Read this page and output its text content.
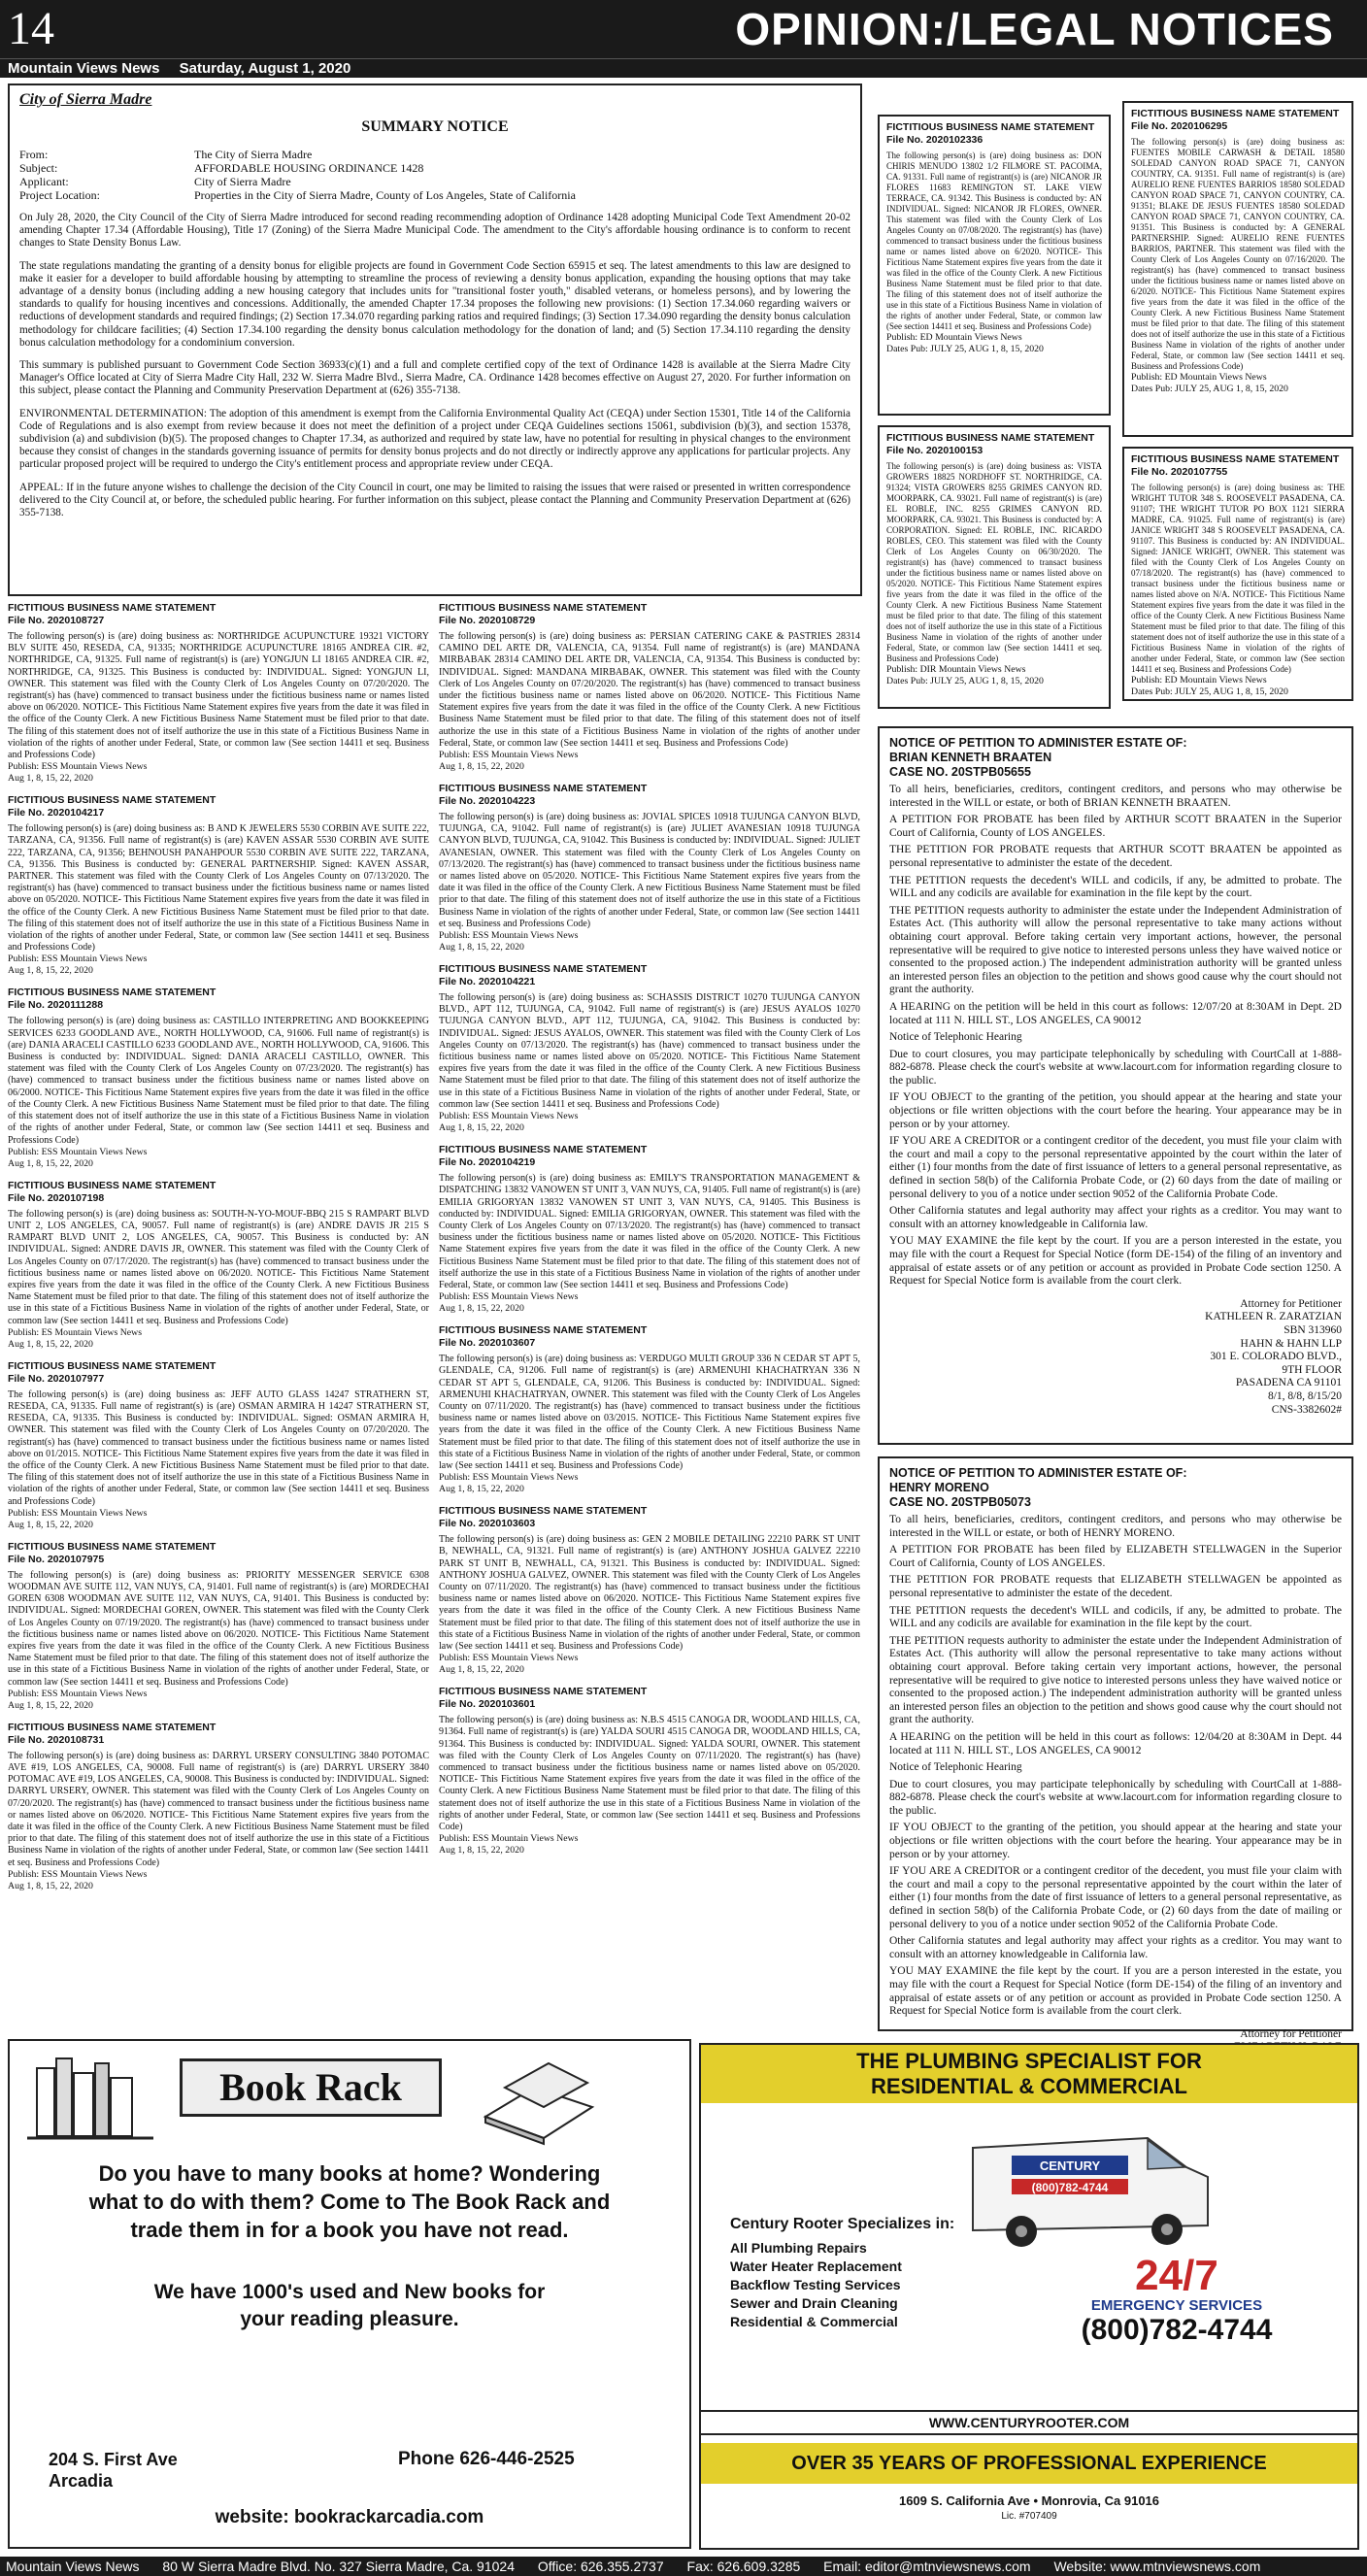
14	OPINION:/LEGAL NOTICES
Mountain Views News Saturday, August 1, 2020
City of Sierra Madre
SUMMARY NOTICE
From:	The City of Sierra Madre
Subject:	AFFORDABLE HOUSING ORDINANCE 1428
Applicant:	City of Sierra Madre
Project Location:	Properties in the City of Sierra Madre, County of Los Angeles, State of California

On July 28, 2020, the City Council of the City of Sierra Madre introduced for second reading recommending adoption of Ordinance 1428 adopting Municipal Code Text Amendment 20-02 amending Chapter 17.34 (Affordable Housing), Title 17 (Zoning) of the Sierra Madre Municipal Code. The amendment to the City's affordable housing ordinance is to conform to recent changes to State Density Bonus Law.

The state regulations mandating the granting of a density bonus for eligible projects are found in Government Code Section 65915 et seq. The latest amendments to this law are designed to make it easier for a developer to build affordable housing by attempting to streamline the process of reviewing a density bonus application, expanding the housing options that may take advantage of a density bonus (including adding a new housing category that includes units for "transitional foster youth," disabled veterans, or homeless persons), and by lowering the standards to qualify for housing incentives and concessions. Additionally, the amended Chapter 17.34 proposes the following new provisions: (1) Section 17.34.060 regarding waivers or reductions of development standards and required findings; (2) Section 17.34.070 regarding parking ratios and required findings; (3) Section 17.34.090 regarding the density bonus calculation methodology for childcare facilities; (4) Section 17.34.100 regarding the density bonus calculation methodology for the donation of land; and (5) Section 17.34.110 regarding the density bonus calculation methodology for a condominium conversion.

This summary is published pursuant to Government Code Section 36933(c)(1) and a full and complete certified copy of the text of Ordinance 1428 is available at the Sierra Madre City Manager's Office located at City of Sierra Madre City Hall, 232 W. Sierra Madre Blvd., Sierra Madre, CA. Ordinance 1428 becomes effective on August 27, 2020. For further information on this subject, please contact the Planning and Community Preservation Department at (626) 355-7138.

ENVIRONMENTAL DETERMINATION: The adoption of this amendment is exempt from the California Environmental Quality Act (CEQA) under Section 15301, Title 14 of the California Code of Regulations and is also exempt from review because it does not meet the definition of a project under CEQA Guidelines sections 15061, subdivision (b)(3), and section 15378, subdivision (a) and subdivision (b)(5). The proposed changes to Chapter 17.34, as authorized and required by state law, have no potential for resulting in physical changes to the environment because they consist of changes in the standards governing issuance of permits for density bonus projects and do not directly or indirectly approve any applications for particular projects. Any particular proposed project will be required to undergo the City's entitlement process and appropriate review under CEQA.

APPEAL: If in the future anyone wishes to challenge the decision of the City Council in court, one may be limited to raising the issues that were raised or presented in written correspondence delivered to the City Council at, or before, the scheduled public hearing. For further information on this subject, please contact the Planning and Community Preservation Department at (626) 355-7138.

FICTITIOUS BUSINESS NAME STATEMENT
File No. 2020108727
The following person(s) is (are) doing business as: NORTHRIDGE ACUPUNCTURE 19321 VICTORY BLV SUITE 450, RESEDA, CA, 91335; NORTHRIDGE ACUPUNCTURE 18165 ANDREA CIR. #2, NORTHRIDGE, CA, 91325. Full name of registrant(s) is (are) YONGJUN LI 18165 ANDREA CIR. #2, NORTHRIDGE, CA, 91325. This Business is conducted by: INDIVIDUAL. Signed: YONGJUN LI, OWNER. This statement was filed with the County Clerk of Los Angeles County on 07/20/2020. The registrant(s) has (have) commenced to transact business under the fictitious business name or names listed above on 06/2020. NOTICE- This Fictitious Name Statement expires five years from the date it was filed in the office of the County Clerk. A new Fictitious Business Name Statement must be filed prior to that date. The filing of this statement does not of itself authorize the use in this state of a Fictitious Business Name in violation of the rights of another under Federal, State, or common law (See section 14411 et seq. Business and Professions Code)
Publish: ESS Mountain Views News
Aug 1, 8, 15, 22, 2020
FICTITIOUS BUSINESS NAME STATEMENT
File No. 2020104217
The following person(s) is (are) doing business as: B AND K JEWELERS 5530 CORBIN AVE SUITE 222, TARZANA, CA, 91356. Full name of registrant(s) is (are) KAVEN ASSAR 5530 CORBIN AVE SUITE 222, TARZANA, CA, 91356; BEHNOUSH PANAHPOUR 5530 CORBIN AVE SUITE 222, TARZANA, CA, 91356. This Business is conducted by: GENERAL PARTNERSHIP. Signed: KAVEN ASSAR, PARTNER. This statement was filed with the County Clerk of Los Angeles County on 07/13/2020. The registrant(s) has (have) commenced to transact business under the fictitious business name or names listed above on 05/2020. NOTICE- This Fictitious Name Statement expires five years from the date it was filed in the office of the County Clerk. A new Fictitious Business Name Statement must be filed prior to that date. The filing of this statement does not of itself authorize the use in this state of a Fictitious Business Name in violation of the rights of another under Federal, State, or common law (See section 14411 et seq. Business and Professions Code)
Publish: ESS Mountain Views News
Aug 1, 8, 15, 22, 2020
FICTITIOUS BUSINESS NAME STATEMENT
File No. 2020111288
The following person(s) is (are) doing business as: CASTILLO INTERPRETING AND BOOKKEEPING SERVICES 6233 GOODLAND AVE., NORTH HOLLYWOOD, CA, 91606. Full name of registrant(s) is (are) DANIA ARACELI CASTILLO 6233 GOODLAND AVE., NORTH HOLLYWOOD, CA, 91606. This Business is conducted by: INDIVIDUAL. Signed: DANIA ARACELI CASTILLO, OWNER. This statement was filed with the County Clerk of Los Angeles County on 07/23/2020. The registrant(s) has (have) commenced to transact business under the fictitious business name or names listed above on 06/2000. NOTICE- This Fictitious Name Statement expires five years from the date it was filed in the office of the County Clerk. A new Fictitious Business Name Statement must be filed prior to that date. The filing of this statement does not of itself authorize the use in this state of a Fictitious Business Name in violation of the rights of another under Federal, State, or common law (See section 14411 et seq. Business and Professions Code)
Publish: ESS Mountain Views News
Aug 1, 8, 15, 22, 2020
FICTITIOUS BUSINESS NAME STATEMENT
File No. 2020107198
The following person(s) is (are) doing business as: SOUTH-N-YO-MOUF-BBQ 215 S RAMPART BLVD UNIT 2, LOS ANGELES, CA, 90057. Full name of registrant(s) is (are) ANDRE DAVIS JR 215 S RAMPART BLVD UNIT 2, LOS ANGELES, CA, 90057. This Business is conducted by: AN INDIVIDUAL. Signed: ANDRE DAVIS JR, OWNER. This statement was filed with the County Clerk of Los Angeles County on 07/17/2020. The registrant(s) has (have) commenced to transact business under the fictitious business name or names listed above on 06/2020. NOTICE- This Fictitious Name Statement expires five years from the date it was filed in the office of the County Clerk. A new Fictitious Business Name Statement must be filed prior to that date. The filing of this statement does not of itself authorize the use in this state of a Fictitious Business Name in violation of the rights of another under Federal, State, or common law (See section 14411 et seq. Business and Professions Code)
Publish: ES Mountain Views News
Aug 1, 8, 15, 22, 2020
FICTITIOUS BUSINESS NAME STATEMENT
File No. 2020107977
The following person(s) is (are) doing business as: JEFF AUTO GLASS 14247 STRATHERN ST, RESEDA, CA, 91335. Full name of registrant(s) is (are) OSMAN ARMIRA H 14247 STRATHERN ST, RESEDA, CA, 91335. This Business is conducted by: INDIVIDUAL. Signed: OSMAN ARMIRA H, OWNER. This statement was filed with the County Clerk of Los Angeles County on 07/20/2020. The registrant(s) has (have) commenced to transact business under the fictitious business name or names listed above on 01/2015. NOTICE- This Fictitious Name Statement expires five years from the date it was filed in the office of the County Clerk. A new Fictitious Business Name Statement must be filed prior to that date. The filing of this statement does not of itself authorize the use in this state of a Fictitious Business Name in violation of the rights of another under Federal, State, or common law (See section 14411 et seq. Business and Professions Code)
Publish: ESS Mountain Views News
Aug 1, 8, 15, 22, 2020
FICTITIOUS BUSINESS NAME STATEMENT
File No. 2020107975
The following person(s) is (are) doing business as: PRIORITY MESSENGER SERVICE 6308 WOODMAN AVE SUITE 112, VAN NUYS, CA, 91401. Full name of registrant(s) is (are) MORDECHAI GOREN 6308 WOODMAN AVE SUITE 112, VAN NUYS, CA, 91401. This Business is conducted by: INDIVIDUAL. Signed: MORDECHAI GOREN, OWNER. This statement was filed with the County Clerk of Los Angeles County on 07/19/2020. The registrant(s) has (have) commenced to transact business under the fictitious business name or names listed above on 06/2020. NOTICE- This Fictitious Name Statement expires five years from the date it was filed in the office of the County Clerk. A new Fictitious Business Name Statement must be filed prior to that date. The filing of this statement does not of itself authorize the use in this state of a Fictitious Business Name in violation of the rights of another under Federal, State, or common law (See section 14411 et seq. Business and Professions Code)
Publish: ESS Mountain Views News
Aug 1, 8, 15, 22, 2020
FICTITIOUS BUSINESS NAME STATEMENT
File No. 2020108731
The following person(s) is (are) doing business as: DARRYL URSERY CONSULTING 3840 POTOMAC AVE #19, LOS ANGELES, CA, 90008. Full name of registrant(s) is (are) DARRYL URSERY 3840 POTOMAC AVE #19, LOS ANGELES, CA, 90008. This Business is conducted by: INDIVIDUAL. Signed: DARRYL URSERY, OWNER. This statement was filed with the County Clerk of Los Angeles County on 07/20/2020. The registrant(s) has (have) commenced to transact business under the fictitious business name or names listed above on 06/2020. NOTICE- This Fictitious Name Statement expires five years from the date it was filed in the office of the County Clerk. A new Fictitious Business Name Statement must be filed prior to that date. The filing of this statement does not of itself authorize the use in this state of a Fictitious Business Name in violation of the rights of another under Federal, State, or common law (See section 14411 et seq. Business and Professions Code)
Publish: ESS Mountain Views News
Aug 1, 8, 15, 22, 2020
FICTITIOUS BUSINESS NAME STATEMENT
File No. 2020108729
The following person(s) is (are) doing business as: PERSIAN CATERING CAKE & PASTRIES 28314 CAMINO DEL ARTE DR, VALENCIA, CA, 91354. Full name of registrant(s) is (are) MANDANA MIRBABAK 28314 CAMINO DEL ARTE DR, VALENCIA, CA, 91354. This Business is conducted by: INDIVIDUAL. Signed: MANDANA MIRBABAK, OWNER. This statement was filed with the County Clerk of Los Angeles County on 07/20/2020. The registrant(s) has (have) commenced to transact business under the fictitious business name or names listed above on 06/2020. NOTICE- This Fictitious Name Statement expires five years from the date it was filed in the office of the County Clerk. A new Fictitious Business Name Statement must be filed prior to that date. The filing of this statement does not of itself authorize the use in this state of a Fictitious Business Name in violation of the rights of another under Federal, State, or common law (See section 14411 et seq. Business and Professions Code)
Publish: ESS Mountain Views News
Aug 1, 8, 15, 22, 2020
FICTITIOUS BUSINESS NAME STATEMENT
File No. 2020104223
The following person(s) is (are) doing business as: JOVIAL SPICES 10918 TUJUNGA CANYON BLVD, TUJUNGA, CA, 91042. Full name of registrant(s) is (are) JULIET AVANESIAN 10918 TUJUNGA CANYON BLVD, TUJUNGA, CA, 91042. This Business is conducted by: INDIVIDUAL. Signed: JULIET AVANESIAN, OWNER. This statement was filed with the County Clerk of Los Angeles County on 07/13/2020. The registrant(s) has (have) commenced to transact business under the fictitious business name or names listed above on 05/2020. NOTICE- This Fictitious Name Statement expires five years from the date it was filed in the office of the County Clerk. A new Fictitious Business Name Statement must be filed prior to that date. The filing of this statement does not of itself authorize the use in this state of a Fictitious Business Name in violation of the rights of another under Federal, State, or common law (See section 14411 et seq. Business and Professions Code)
Publish: ESS Mountain Views News
Aug 1, 8, 15, 22, 2020
FICTITIOUS BUSINESS NAME STATEMENT
File No. 2020104221
The following person(s) is (are) doing business as: SCHASSIS DISTRICT 10270 TUJUNGA CANYON BLVD., APT 112, TUJUNGA, CA, 91042. Full name of registrant(s) is (are) JESUS AYALOS 10270 TUJUNGA CANYON BLVD., APT 112, TUJUNGA, CA, 91042. This Business is conducted by: INDIVIDUAL. Signed: JESUS AYALOS, OWNER. This statement was filed with the County Clerk of Los Angeles County on 07/13/2020. The registrant(s) has (have) commenced to transact business under the fictitious business name or names listed above on 05/2020. NOTICE- This Fictitious Name Statement expires five years from the date it was filed in the office of the County Clerk. A new Fictitious Business Name Statement must be filed prior to that date. The filing of this statement does not of itself authorize the use in this state of a Fictitious Business Name in violation of the rights of another under Federal, State, or common law (See section 14411 et seq. Business and Professions Code)
Publish: ESS Mountain Views News
Aug 1, 8, 15, 22, 2020
FICTITIOUS BUSINESS NAME STATEMENT
File No. 2020104219
The following person(s) is (are) doing business as: EMILY'S TRANSPORTATION MANAGEMENT & DISPATCHING 13832 VANOWEN ST UNIT 3, VAN NUYS, CA, 91405. Full name of registrant(s) is (are) EMILIA GRIGORYAN 13832 VANOWEN ST UNIT 3, VAN NUYS, CA, 91405. This Business is conducted by: INDIVIDUAL. Signed: EMILIA GRIGORYAN, OWNER. This statement was filed with the County Clerk of Los Angeles County on 07/13/2020. The registrant(s) has (have) commenced to transact business under the fictitious business name or names listed above on 05/2020. NOTICE- This Fictitious Name Statement expires five years from the date it was filed in the office of the County Clerk. A new Fictitious Business Name Statement must be filed prior to that date. The filing of this statement does not of itself authorize the use in this state of a Fictitious Business Name in violation of the rights of another under Federal, State, or common law (See section 14411 et seq. Business and Professions Code)
Publish: ESS Mountain Views News
Aug 1, 8, 15, 22, 2020
FICTITIOUS BUSINESS NAME STATEMENT
File No. 2020103607
The following person(s) is (are) doing business as: VERDUGO MULTI GROUP 336 N CEDAR ST APT 5, GLENDALE, CA, 91206. Full name of registrant(s) is (are) ARMENUHI KHACHATRYAN 336 N CEDAR ST APT 5, GLENDALE, CA, 91206. This Business is conducted by: INDIVIDUAL. Signed: ARMENUHI KHACHATRYAN, OWNER. This statement was filed with the County Clerk of Los Angeles County on 07/11/2020. The registrant(s) has (have) commenced to transact business under the fictitious business name or names listed above on 03/2015. NOTICE- This Fictitious Name Statement expires five years from the date it was filed in the office of the County Clerk. A new Fictitious Business Name Statement must be filed prior to that date. The filing of this statement does not of itself authorize the use in this state of a Fictitious Business Name in violation of the rights of another under Federal, State, or common law (See section 14411 et seq. Business and Professions Code)
Publish: ESS Mountain Views News
Aug 1, 8, 15, 22, 2020
FICTITIOUS BUSINESS NAME STATEMENT
File No. 2020103603
The following person(s) is (are) doing business as: GEN 2 MOBILE DETAILING 22210 PARK ST UNIT B, NEWHALL, CA, 91321. Full name of registrant(s) is (are) ANTHONY JOSHUA GALVEZ 22210 PARK ST UNIT B, NEWHALL, CA, 91321. This Business is conducted by: INDIVIDUAL. Signed: ANTHONY JOSHUA GALVEZ, OWNER. This statement was filed with the County Clerk of Los Angeles County on 07/11/2020. The registrant(s) has (have) commenced to transact business under the fictitious business name or names listed above on 06/2020. NOTICE- This Fictitious Name Statement expires five years from the date it was filed in the office of the County Clerk. A new Fictitious Business Name Statement must be filed prior to that date. The filing of this statement does not of itself authorize the use in this state of a Fictitious Business Name in violation of the rights of another under Federal, State, or common law (See section 14411 et seq. Business and Professions Code)
Publish: ESS Mountain Views News
Aug 1, 8, 15, 22, 2020
FICTITIOUS BUSINESS NAME STATEMENT
File No. 2020103601
The following person(s) is (are) doing business as: N.B.S 4515 CANOGA DR, WOODLAND HILLS, CA, 91364. Full name of registrant(s) is (are) YALDA SOURI 4515 CANOGA DR, WOODLAND HILLS, CA, 91364. This Business is conducted by: INDIVIDUAL. Signed: YALDA SOURI, OWNER. This statement was filed with the County Clerk of Los Angeles County on 07/11/2020. The registrant(s) has (have) commenced to transact business under the fictitious business name or names listed above on 05/2020. NOTICE- This Fictitious Name Statement expires five years from the date it was filed in the office of the County Clerk. A new Fictitious Business Name Statement must be filed prior to that date. The filing of this statement does not of itself authorize the use in this state of a Fictitious Business Name in violation of the rights of another under Federal, State, or common law (See section 14411 et seq. Business and Professions Code)
Publish: ESS Mountain Views News
Aug 1, 8, 15, 22, 2020
FICTITIOUS BUSINESS NAME STATEMENT
File No. 2020102336
The following person(s) is (are) doing business as: DON CHIRIS MENUDO 13802 1/2 FILMORE ST. PACOIMA, CA. 91331. Full name of registrant(s) is (are) NICANOR JR FLORES 11683 REMINGTON ST. LAKE VIEW TERRACE, CA. 91342. This Business is conducted by: AN INDIVIDUAL. Signed: NICANOR JR FLORES, OWNER. This statement was filed with the County Clerk of Los Angeles County on 07/08/2020. The registrant(s) has (have) commenced to transact business under the fictitious business name or names listed above on 6/2020. NOTICE- This Fictitious Name Statement expires five years from the date it was filed in the office of the County Clerk. A new Fictitious Business Name Statement must be filed prior to that date. The filing of this statement does not of itself authorize the use in this state of a Fictitious Business Name in violation of the rights of another under Federal, State, or common law (See section 14411 et seq. Business and Professions Code)
Publish: ED Mountain Views News
Dates Pub: JULY 25, AUG 1, 8, 15, 2020
FICTITIOUS BUSINESS NAME STATEMENT
File No. 2020106295
The following person(s) is (are) doing business as: FUENTES MOBILE CARWASH & DETAIL 18580 SOLEDAD CANYON ROAD SPACE 71, CANYON COUNTRY, CA. 91351. Full name of registrant(s) is (are) AURELIO RENE FUENTES BARRIOS 18580 SOLEDAD CANYON ROAD SPACE 71, CANYON COUNTRY, CA. 91351; BLAKE DE JESUS FUENTES 18580 SOLEDAD CANYON ROAD SPACE 71, CANYON COUNTRY, CA. 91351. This Business is conducted by: A GENERAL PARTNERSHIP. Signed: AURELIO RENE FUENTES BARRIOS, PARTNER. This statement was filed with the County Clerk of Los Angeles County on 07/16/2020. The registrant(s) has (have) commenced to transact business under the fictitious business name or names listed above on 6/2020. NOTICE- This Fictitious Name Statement expires five years from the date it was filed in the office of the County Clerk. A new Fictitious Business Name Statement must be filed prior to that date. The filing of this statement does not of itself authorize the use in this state of a Fictitious Business Name in violation of the rights of another under Federal, State, or common law (See section 14411 et seq. Business and Professions Code)
Publish: ED Mountain Views News
Dates Pub: JULY 25, AUG 1, 8, 15, 2020
FICTITIOUS BUSINESS NAME STATEMENT
File No. 2020100153
The following person(s) is (are) doing business as: VISTA GROWERS 18825 NORDHOFF ST. NORTHRIDGE, CA. 91324; VISTA GROWERS 8255 GRIMES CANYON RD. MOORPARK, CA. 93021. Full name of registrant(s) is (are) EL ROBLE, INC. 8255 GRIMES CANYON RD. MOORPARK, CA. 93021. This Business is conducted by: A CORPORATION. Signed: EL ROBLE, INC. RICARDO ROBLES, CEO. This statement was filed with the County Clerk of Los Angeles County on 06/30/2020. The registrant(s) has (have) commenced to transact business under the fictitious business name or names listed above on 05/2020. NOTICE- This Fictitious Name Statement expires five years from the date it was filed in the office of the County Clerk. A new Fictitious Business Name Statement must be filed prior to that date. The filing of this statement does not of itself authorize the use in this state of a Fictitious Business Name in violation of the rights of another under Federal, State, or common law (See section 14411 et seq. Business and Professions Code)
Publish: DIR Mountain Views News
Dates Pub: JULY 25, AUG 1, 8, 15, 2020
FICTITIOUS BUSINESS NAME STATEMENT
File No. 2020107755
The following person(s) is (are) doing business as: THE WRIGHT TUTOR 348 S. ROOSEVELT PASADENA, CA. 91107; THE WRIGHT TUTOR PO BOX 1121 SIERRA MADRE, CA. 91025. Full name of registrant(s) is (are) JANICE WRIGHT 348 S ROOSEVELT PASADENA, CA. 91107. This Business is conducted by: AN INDIVIDUAL. Signed: JANICE WRIGHT, OWNER. This statement was filed with the County Clerk of Los Angeles County on 07/18/2020. The registrant(s) has (have) commenced to transact business under the fictitious business name or names listed above on N/A. NOTICE- This Fictitious Name Statement expires five years from the date it was filed in the office of the County Clerk. A new Fictitious Business Name Statement must be filed prior to that date. The filing of this statement does not of itself authorize the use in this state of a Fictitious Business Name in violation of the rights of another under Federal, State, or common law (See section 14411 et seq. Business and Professions Code)
Publish: ED Mountain Views News
Dates Pub: JULY 25, AUG 1, 8, 15, 2020
NOTICE OF PETITION TO ADMINISTER ESTATE OF:
BRIAN KENNETH BRAATEN
CASE NO. 20STPB05655

To all heirs, beneficiaries, creditors, contingent creditors, and persons who may otherwise be interested in the WILL or estate, or both of BRIAN KENNETH BRAATEN.

A PETITION FOR PROBATE has been filed by ARTHUR SCOTT BRAATEN in the Superior Court of California, County of LOS ANGELES.

THE PETITION FOR PROBATE requests that ARTHUR SCOTT BRAATEN be appointed as personal representative to administer the estate of the decedent.

THE PETITION requests the decedent's WILL and codicils, if any, be admitted to probate. The WILL and any codicils are available for examination in the file kept by the court.

THE PETITION requests authority to administer the estate under the Independent Administration of Estates Act. (This authority will allow the personal representative to take many actions without obtaining court approval. Before taking certain very important actions, however, the personal representative will be required to give notice to interested persons unless they have waived notice or consented to the proposed action.) The independent administration authority will be granted unless an interested person files an objection to the petition and shows good cause why the court should not grant the authority.

A HEARING on the petition will be held in this court as follows: 12/07/20 at 8:30AM in Dept. 2D located at 111 N. HILL ST., LOS ANGELES, CA 90012

Notice of Telephonic Hearing

Due to court closures, you may participate telephonically by scheduling with CourtCall at 1-888-882-6878. Please check the court's website at www.lacourt.com for information regarding closure to the public.

IF YOU OBJECT to the granting of the petition, you should appear at the hearing and state your objections or file written objections with the court before the hearing. Your appearance may be in person or by your attorney.

IF YOU ARE A CREDITOR or a contingent creditor of the decedent, you must file your claim with the court and mail a copy to the personal representative appointed by the court within the later of either (1) four months from the date of first issuance of letters to a general personal representative, as defined in section 58(b) of the California Probate Code, or (2) 60 days from the date of mailing or personal delivery to you of a notice under section 9052 of the California Probate Code.

Other California statutes and legal authority may affect your rights as a creditor. You may want to consult with an attorney knowledgeable in California law.

YOU MAY EXAMINE the file kept by the court. If you are a person interested in the estate, you may file with the court a Request for Special Notice (form DE-154) of the filing of an inventory and appraisal of estate assets or of any petition or account as provided in Probate Code section 1250. A Request for Special Notice form is available from the court clerk.

Attorney for Petitioner
KATHLEEN R. ZARATZIAN
SBN 313960
HAHN & HAHN LLP
301 E. COLORADO BLVD.,
9TH FLOOR
PASADENA CA 91101
8/1, 8/8, 8/15/20
CNS-3382602#
NOTICE OF PETITION TO ADMINISTER ESTATE OF:
HENRY MORENO
CASE NO. 20STPB05073

To all heirs, beneficiaries, creditors, contingent creditors, and persons who may otherwise be interested in the WILL or estate, or both of HENRY MORENO.

A PETITION FOR PROBATE has been filed by ELIZABETH STELLWAGEN in the Superior Court of California, County of LOS ANGELES.

THE PETITION FOR PROBATE requests that ELIZABETH STELLWAGEN be appointed as personal representative to administer the estate of the decedent.

THE PETITION requests the decedent's WILL and codicils, if any, be admitted to probate. The WILL and any codicils are available for examination in the file kept by the court.

THE PETITION requests authority to administer the estate under the Independent Administration of Estates Act. (This authority will allow the personal representative to take many actions without obtaining court approval. Before taking certain very important actions, however, the personal representative will be required to give notice to interested persons unless they have waived notice or consented to the proposed action.) The independent administration authority will be granted unless an interested person files an objection to the petition and shows good cause why the court should not grant the authority.

A HEARING on the petition will be held in this court as follows: 12/04/20 at 8:30AM in Dept. 44 located at 111 N. HILL ST., LOS ANGELES, CA 90012

Notice of Telephonic Hearing

Due to court closures, you may participate telephonically by scheduling with CourtCall at 1-888-882-6878. Please check the court's website at www.lacourt.com for information regarding closure to the public.

IF YOU OBJECT to the granting of the petition, you should appear at the hearing and state your objections or file written objections with the court before the hearing. Your appearance may be in person or by your attorney.

IF YOU ARE A CREDITOR or a contingent creditor of the decedent, you must file your claim with the court and mail a copy to the personal representative appointed by the court within the later of either (1) four months from the date of first issuance of letters to a general personal representative, as defined in section 58(b) of the California Probate Code, or (2) 60 days from the date of mailing or personal delivery to you of a notice under section 9052 of the California Probate Code.

Other California statutes and legal authority may affect your rights as a creditor. You may want to consult with an attorney knowledgeable in California law.

YOU MAY EXAMINE the file kept by the court. If you are a person interested in the estate, you may file with the court a Request for Special Notice (form DE-154) of the filing of an inventory and appraisal of estate assets or of any petition or account as provided in Probate Code section 1250. A Request for Special Notice form is available from the court clerk.

Attorney for Petitioner
Book Rack
Do you have to many books at home? Wondering
what to do with them? Come to The Book Rack and
trade them in for a book you have not read.
We have 1000's used and New books for
your reading pleasure.
204 S. First Ave
Arcadia
Phone 626-446-2525
website: bookrackarcadia.com
THE PLUMBING SPECIALIST FOR
RESIDENTIAL & COMMERCIAL
CENTURY
(800)782-4744
Century Rooter Specializes in:
All Plumbing Repairs
Water Heater Replacement
Backflow Testing Services
Sewer and Drain Cleaning
Residential & Commercial
24/7
EMERGENCY SERVICES
(800)782-4744
WWW.CENTURYROOTER.COM
OVER 35 YEARS OF PROFESSIONAL EXPERIENCE
1609 S. California Ave • Monrovia, Ca 91016
Lic. #707409
Mountain Views News 80 W Sierra Madre Blvd. No. 327 Sierra Madre, Ca. 91024 Office: 626.355.2737 Fax: 626.609.3285 Email: editor@mtnviewsnews.com Website: www.mtnviewsnews.com
